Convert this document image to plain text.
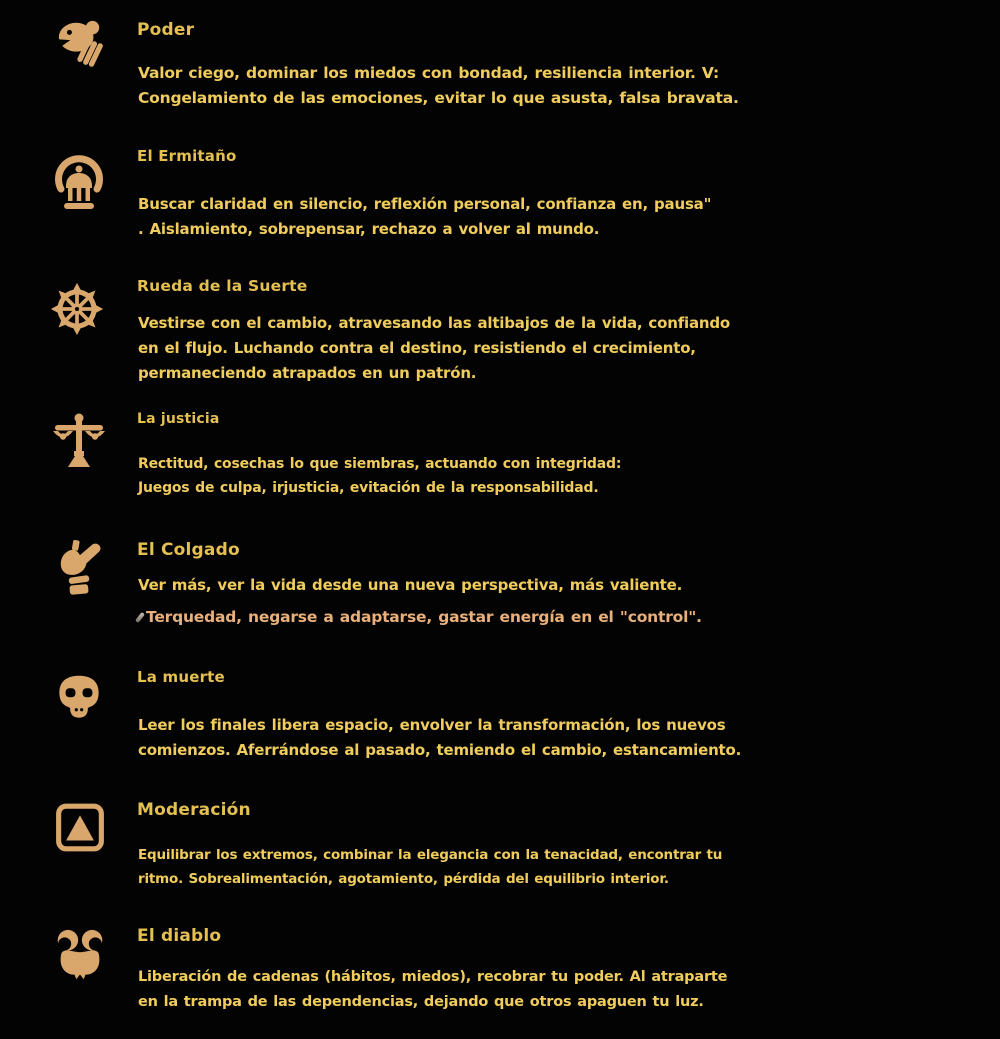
Poder
Valor ciego, dominar los miedos con bondad, resiliencia interior. V:
Congelamiento de las emociones, evitar lo que asusta, falsa bravata.
El Ermitaño
Buscar claridad en silencio, reflexión personal, confianza en, pausa"
. Aislamiento, sobrepensar, rechazo a volver al mundo.
Rueda de la Suerte
Vestirse con el cambio, atravesando las altibajos de la vida, confiando
en el flujo. Luchando contra el destino, resistiendo el crecimiento,
permaneciendo atrapados en un patrón.
La justicia
Rectitud, cosechas lo que siembras, actuando con integridad:
Juegos de culpa, irjusticia, evitación de la responsabilidad.
El Colgado
Ver más, ver la vida desde una nueva perspectiva, más valiente.
Terquedad, negarse a adaptarse, gastar energía en el "control".
La muerte
Leer los finales libera espacio, envolver la transformación, los nuevos
comienzos. Aferrándose al pasado, temiendo el cambio, estancamiento.
Moderación
Equilibrar los extremos, combinar la elegancia con la tenacidad, encontrar tu
ritmo. Sobrealimentación, agotamiento, pérdida del equilibrio interior.
El diablo
Liberación de cadenas (hábitos, miedos), recobrar tu poder. Al atraparte
en la trampa de las dependencias, dejando que otros apaguen tu luz.
